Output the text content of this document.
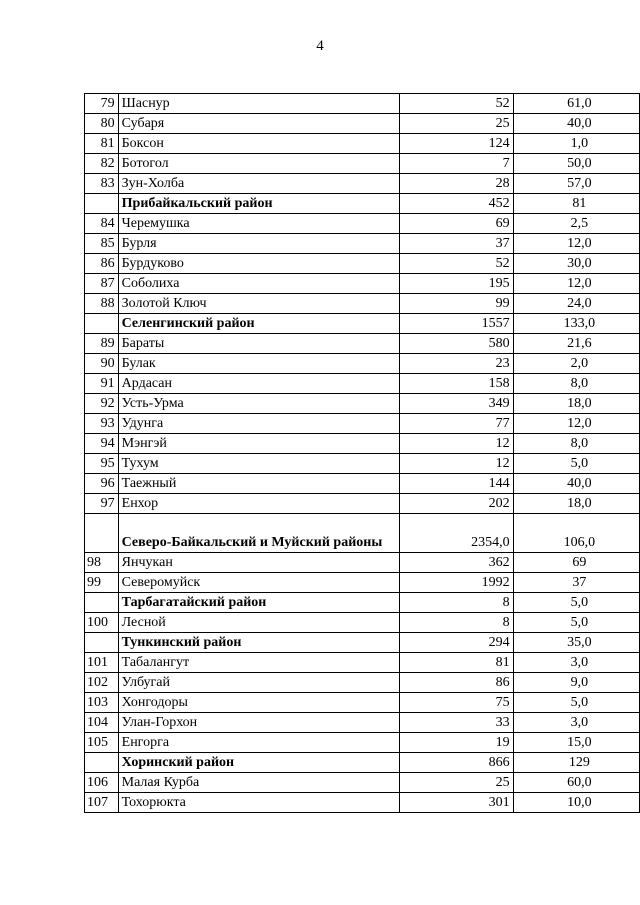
4
79	Шаснур	52	61,0
80	Субаря	25	40,0
81	Боксон	124	1,0
82	Ботогол	7	50,0
83	Зун-Холба	28	57,0
	Прибайкальский район	452	81
84	Черемушка	69	2,5
85	Бурля	37	12,0
86	Бурдуково	52	30,0
87	Соболиха	195	12,0
88	Золотой Ключ	99	24,0
	Селенгинский район	1557	133,0
89	Бараты	580	21,6
90	Булак	23	2,0
91	Ардасан	158	8,0
92	Усть-Урма	349	18,0
93	Удунга	77	12,0
94	Мэнгэй	12	8,0
95	Тухум	12	5,0
96	Таежный	144	40,0
97	Енхор	202	18,0
	Северо-Байкальский и Муйский районы	2354,0	106,0
98	Янчукан	362	69
99	Северомуйск	1992	37
	Тарбагатайский район	8	5,0
100	Лесной	8	5,0
	Тункинский район	294	35,0
101	Табалангут	81	3,0
102	Улбугай	86	9,0
103	Хонгодоры	75	5,0
104	Улан-Горхон	33	3,0
105	Енгорга	19	15,0
	Хоринский район	866	129
106	Малая Курба	25	60,0
107	Тохорюкта	301	10,0
